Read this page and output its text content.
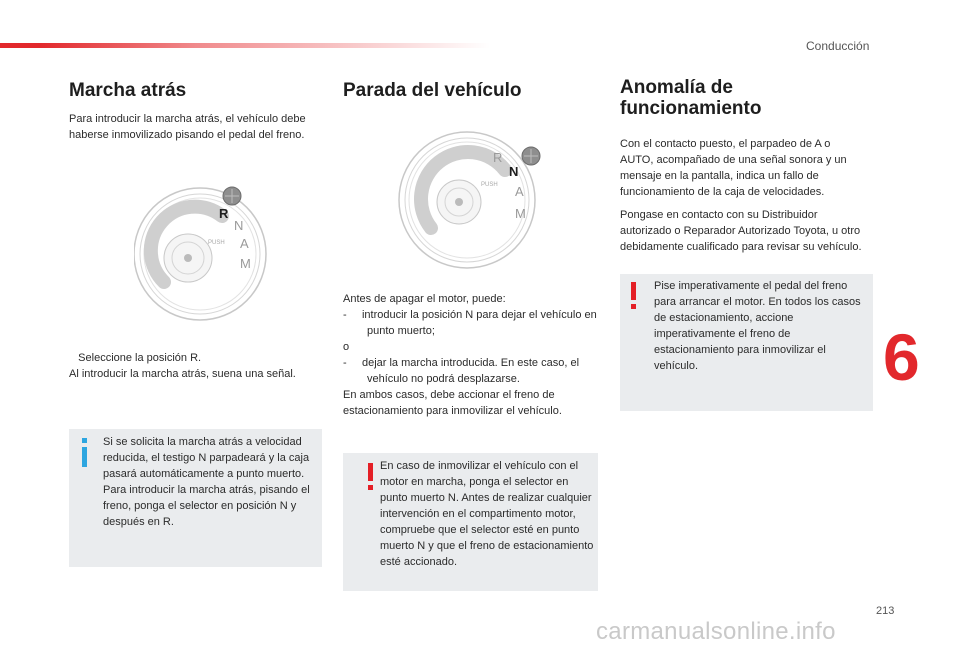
Conducción
Marcha atrás

Para introducir la marcha atrás, el vehículo debe haberse inmovilizado pisando el pedal del freno.

R
N
A
M
PUSH

Seleccione la posición R.
Al introducir la marcha atrás, suena una señal.

Si se solicita la marcha atrás a velocidad reducida, el testigo N parpadeará y la caja pasará automáticamente a punto muerto. Para introducir la marcha atrás, pisando el freno, ponga el selector en posición N y después en R.

Parada del vehículo
R
N
A
M
PUSH
Antes de apagar el motor, puede:
-     introducir la posición N para dejar el vehículo en punto muerto;
o
-     dejar la marcha introducida. En este caso, el vehículo no podrá desplazarse.
En ambos casos, debe accionar el freno de estacionamiento para inmovilizar el vehículo.

En caso de inmovilizar el vehículo con el motor en marcha, ponga el selector en punto muerto N. Antes de realizar cualquier intervención en el compartimento motor, compruebe que el selector esté en punto muerto N y que el freno de estacionamiento esté accionado.

Anomalía de
funcionamiento

Con el contacto puesto, el parpadeo de A o AUTO, acompañado de una señal sonora y un mensaje en la pantalla, indica un fallo de funcionamiento de la caja de velocidades.

Pongase en contacto con su Distribuidor autorizado o Reparador Autorizado Toyota, u otro debidamente cualificado para revisar su vehículo.

Pise imperativamente el pedal del freno para arrancar el motor. En todos los casos de estacionamiento, accione imperativamente el freno de estacionamiento para inmovilizar el vehículo.	6
213
carmanualsonline.info
